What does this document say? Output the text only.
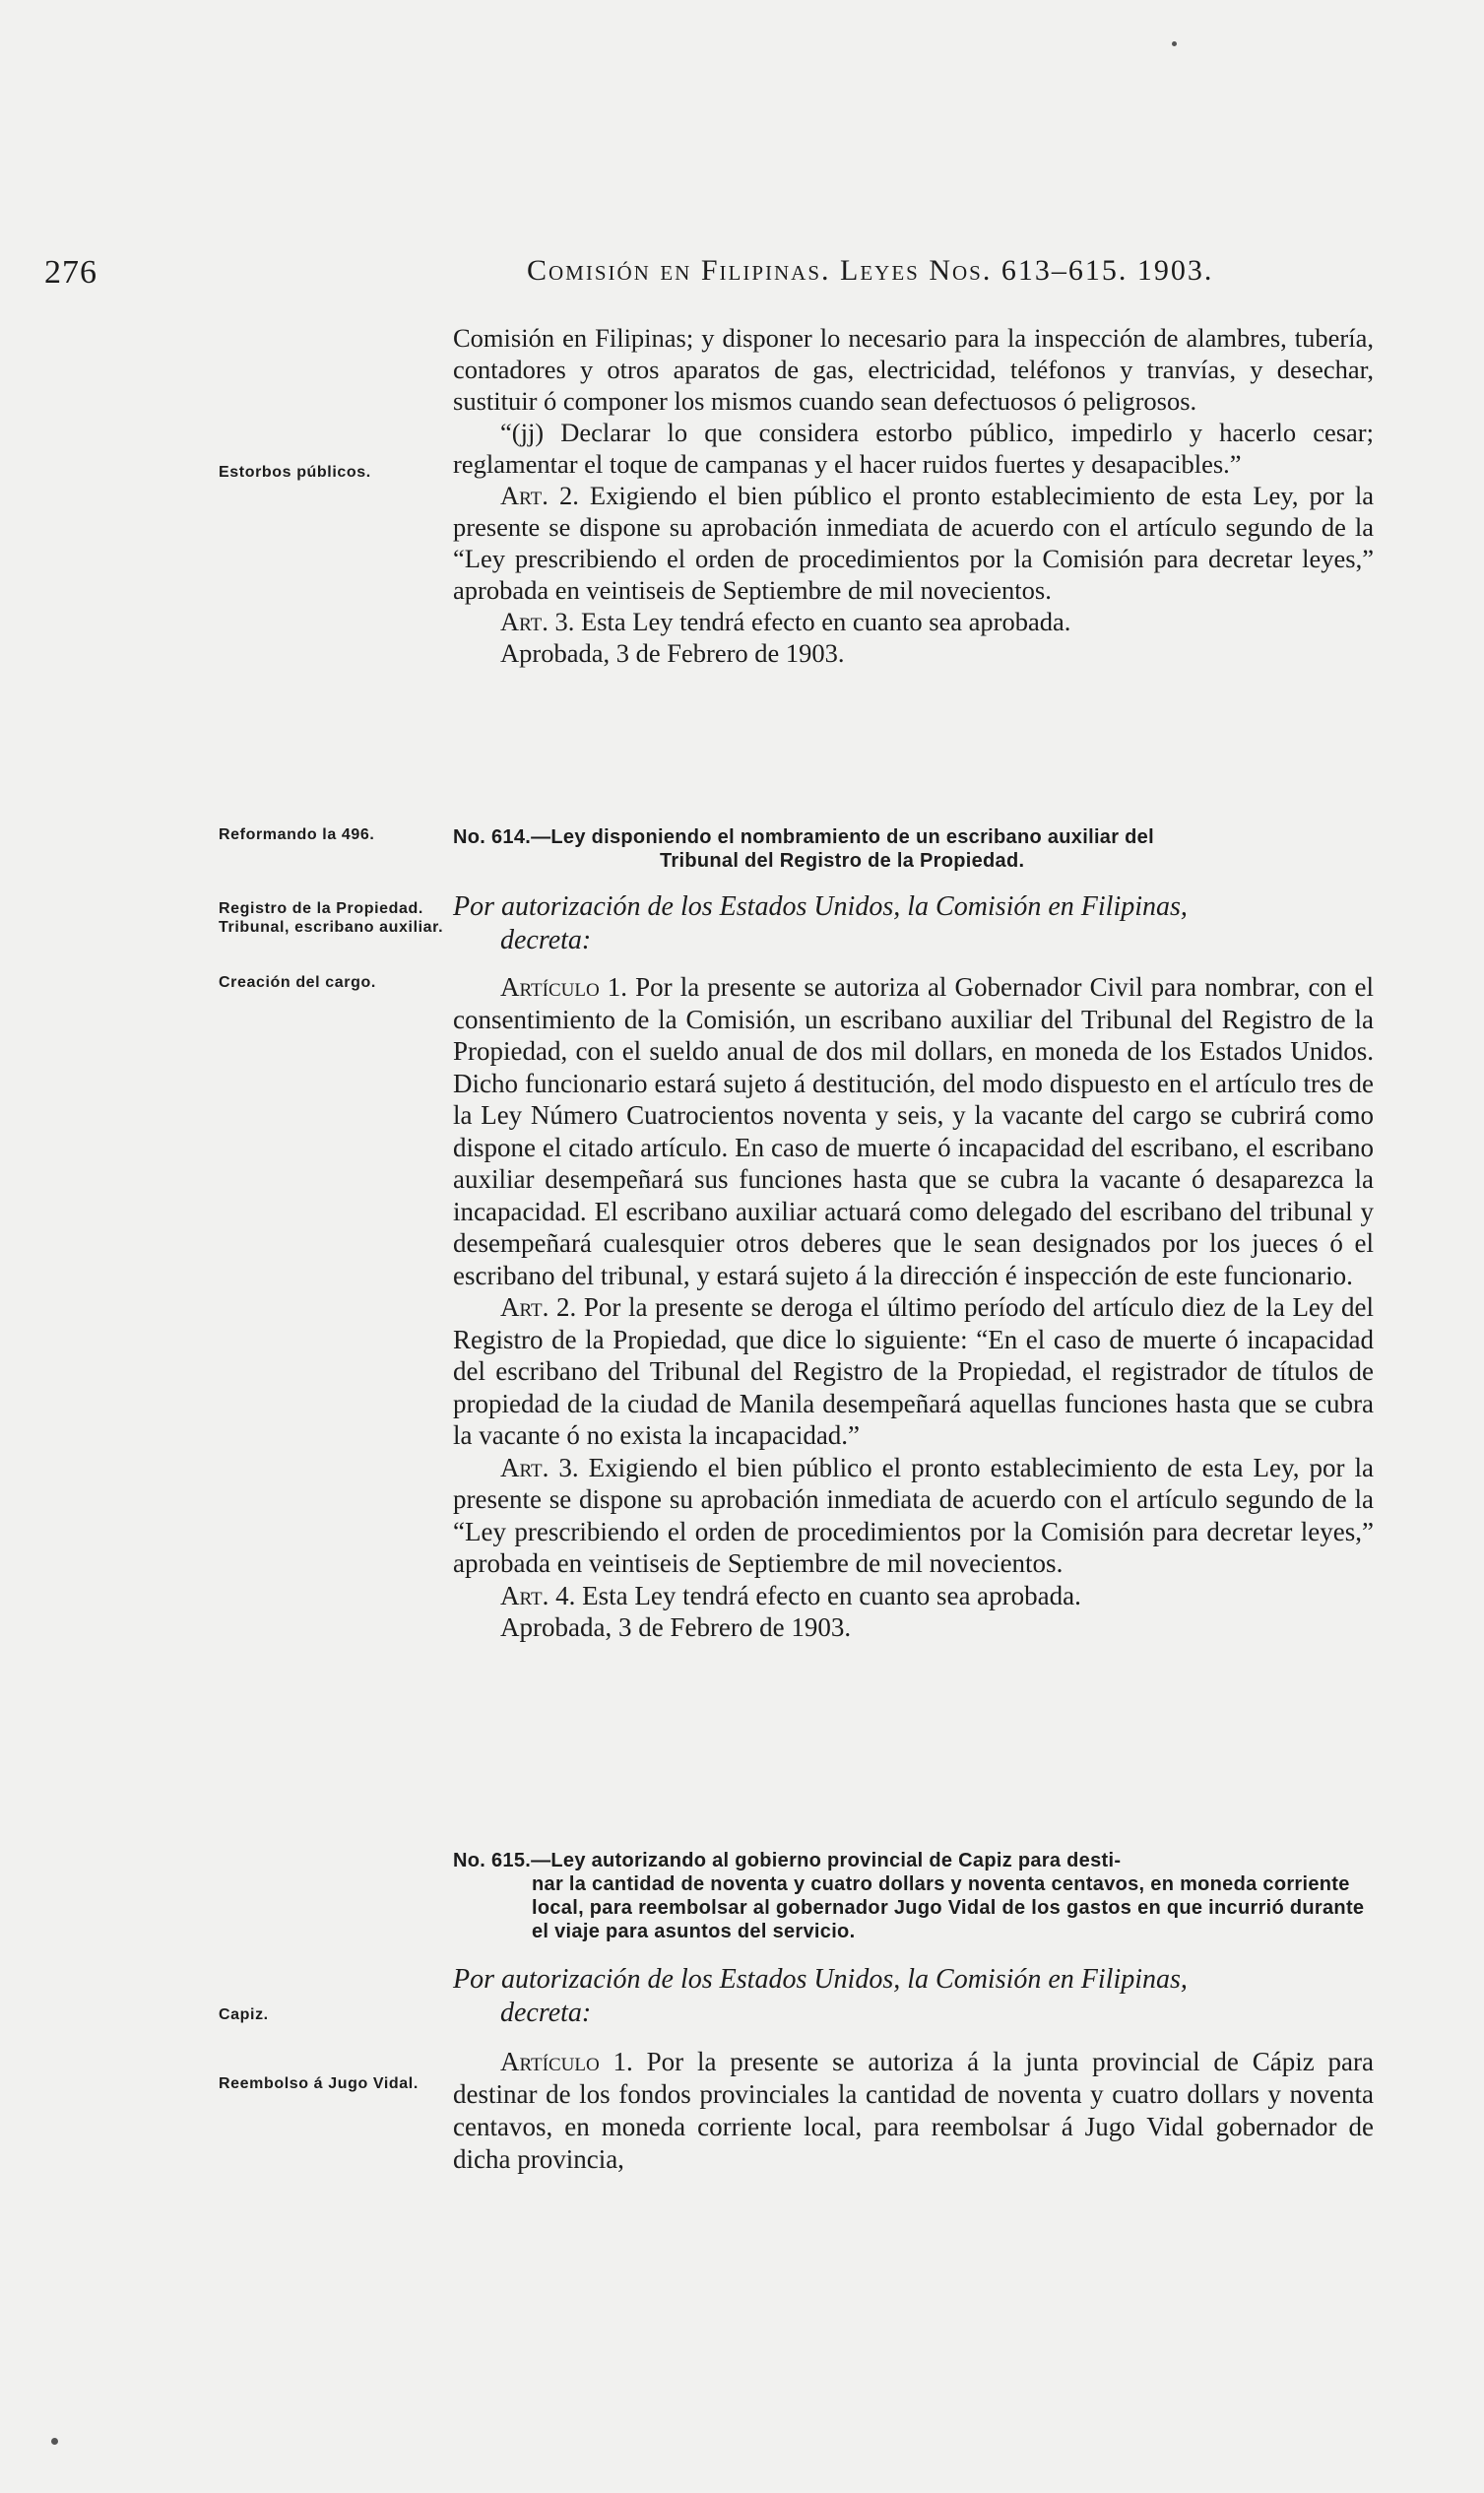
276	Comisión en Filipinas. Leyes Nos. 613–615. 1903.

Comisión en Filipinas; y disponer lo necesario para la inspección de alambres, tubería, contadores y otros aparatos de gas, electricidad, teléfonos y tranvías, y desechar, sustituir ó componer los mismos cuando sean defectuosos ó peligrosos.

“(jj) Declarar lo que considera estorbo público, impedirlo y hacerlo cesar; reglamentar el toque de campanas y el hacer ruidos fuertes y desapacibles.”

Art. 2. Exigiendo el bien público el pronto establecimiento de esta Ley, por la presente se dispone su aprobación inmediata de acuerdo con el artículo segundo de la “Ley prescribiendo el orden de procedimientos por la Comisión para decretar leyes,” aprobada en veintiseis de Septiembre de mil novecientos.

Art. 3. Esta Ley tendrá efecto en cuanto sea aprobada.

Aprobada, 3 de Febrero de 1903.

Estorbos públicos.
Reformando la 496.
Registro de la Propiedad. Tribunal, escribano auxiliar.
Creación del cargo.
Capiz.
Reembolso á Jugo Vidal.

No. 614.—Ley disponiendo el nombramiento de un escribano auxiliar del
Tribunal del Registro de la Propiedad.

Por autorización de los Estados Unidos, la Comisión en Filipinas,
decreta:

Artículo 1. Por la presente se autoriza al Gobernador Civil para nombrar, con el consentimiento de la Comisión, un escribano auxiliar del Tribunal del Registro de la Propiedad, con el sueldo anual de dos mil dollars, en moneda de los Estados Unidos. Dicho funcionario estará sujeto á destitución, del modo dispuesto en el artículo tres de la Ley Número Cuatrocientos noventa y seis, y la vacante del cargo se cubrirá como dispone el citado artículo. En caso de muerte ó incapacidad del escribano, el escribano auxiliar desempeñará sus funciones hasta que se cubra la vacante ó desaparezca la incapacidad. El escribano auxiliar actuará como delegado del escribano del tribunal y desempeñará cualesquier otros deberes que le sean designados por los jueces ó el escribano del tribunal, y estará sujeto á la dirección é inspección de este funcionario.

Art. 2. Por la presente se deroga el último período del artículo diez de la Ley del Registro de la Propiedad, que dice lo siguiente: “En el caso de muerte ó incapacidad del escribano del Tribunal del Registro de la Propiedad, el registrador de títulos de propiedad de la ciudad de Manila desempeñará aquellas funciones hasta que se cubra la vacante ó no exista la incapacidad.”

Art. 3. Exigiendo el bien público el pronto establecimiento de esta Ley, por la presente se dispone su aprobación inmediata de acuerdo con el artículo segundo de la “Ley prescribiendo el orden de procedimientos por la Comisión para decretar leyes,” aprobada en veintiseis de Septiembre de mil novecientos.

Art. 4. Esta Ley tendrá efecto en cuanto sea aprobada.

Aprobada, 3 de Febrero de 1903.

No. 615.—Ley autorizando al gobierno provincial de Capiz para desti-
nar la cantidad de noventa y cuatro dollars y noventa centavos, en moneda corriente local, para reembolsar al gobernador Jugo Vidal de los gastos en que incurrió durante el viaje para asuntos del servicio.

Por autorización de los Estados Unidos, la Comisión en Filipinas,
decreta:

Artículo 1. Por la presente se autoriza á la junta provincial de Cápiz para destinar de los fondos provinciales la cantidad de noventa y cuatro dollars y noventa centavos, en moneda corriente local, para reembolsar á Jugo Vidal gobernador de dicha provincia,
